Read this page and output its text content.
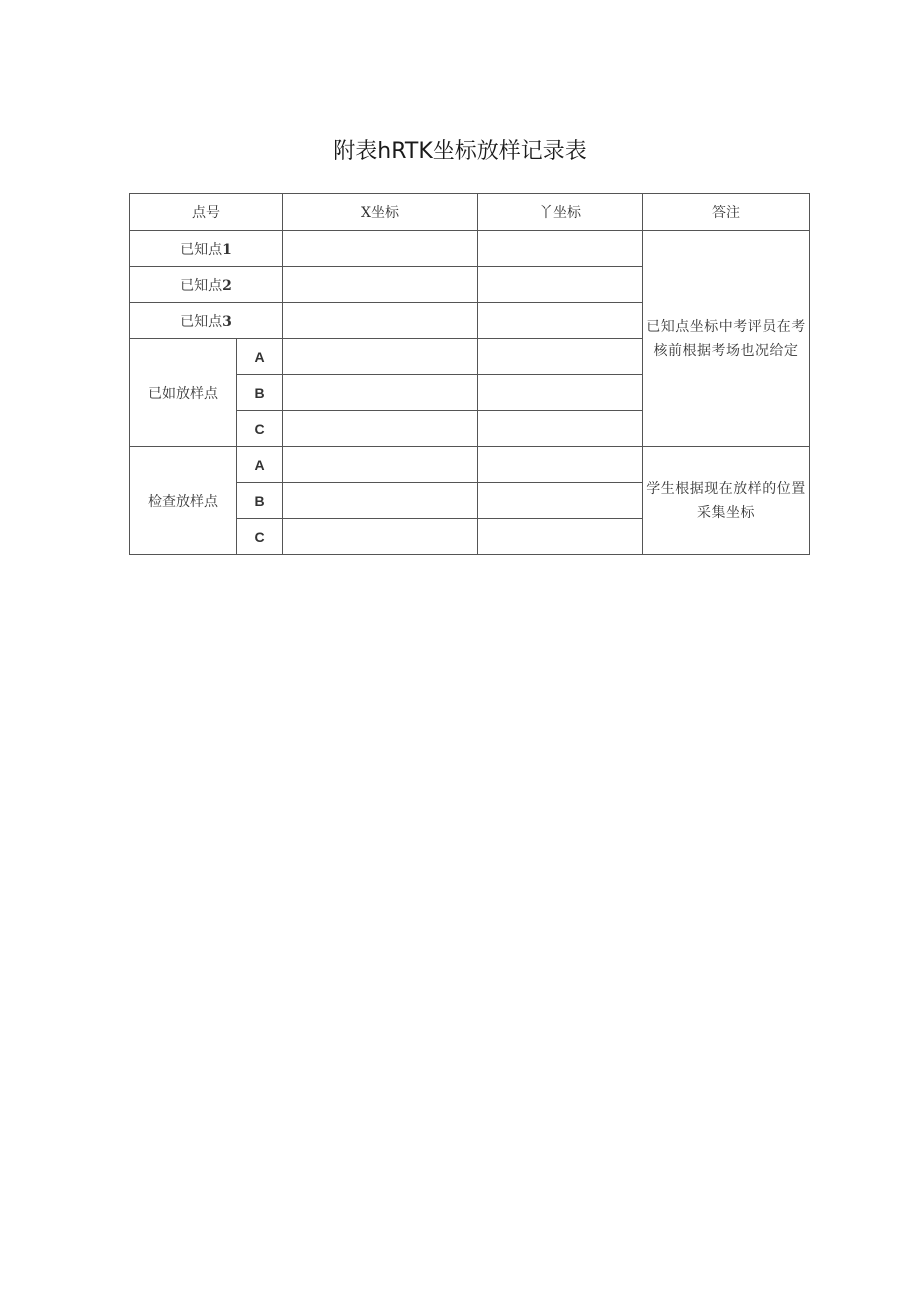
附表hRTK坐标放样记录表
点号		X坐标	丫坐标	答注
已知点1				已知点坐标中考评员在考核前根据考场也况给定
已知点2				
已知点3				
已如放样点	A			
	B			
	C			
检查放样点	A			学生根据现在放样的位置采集坐标
	B			
	C			
